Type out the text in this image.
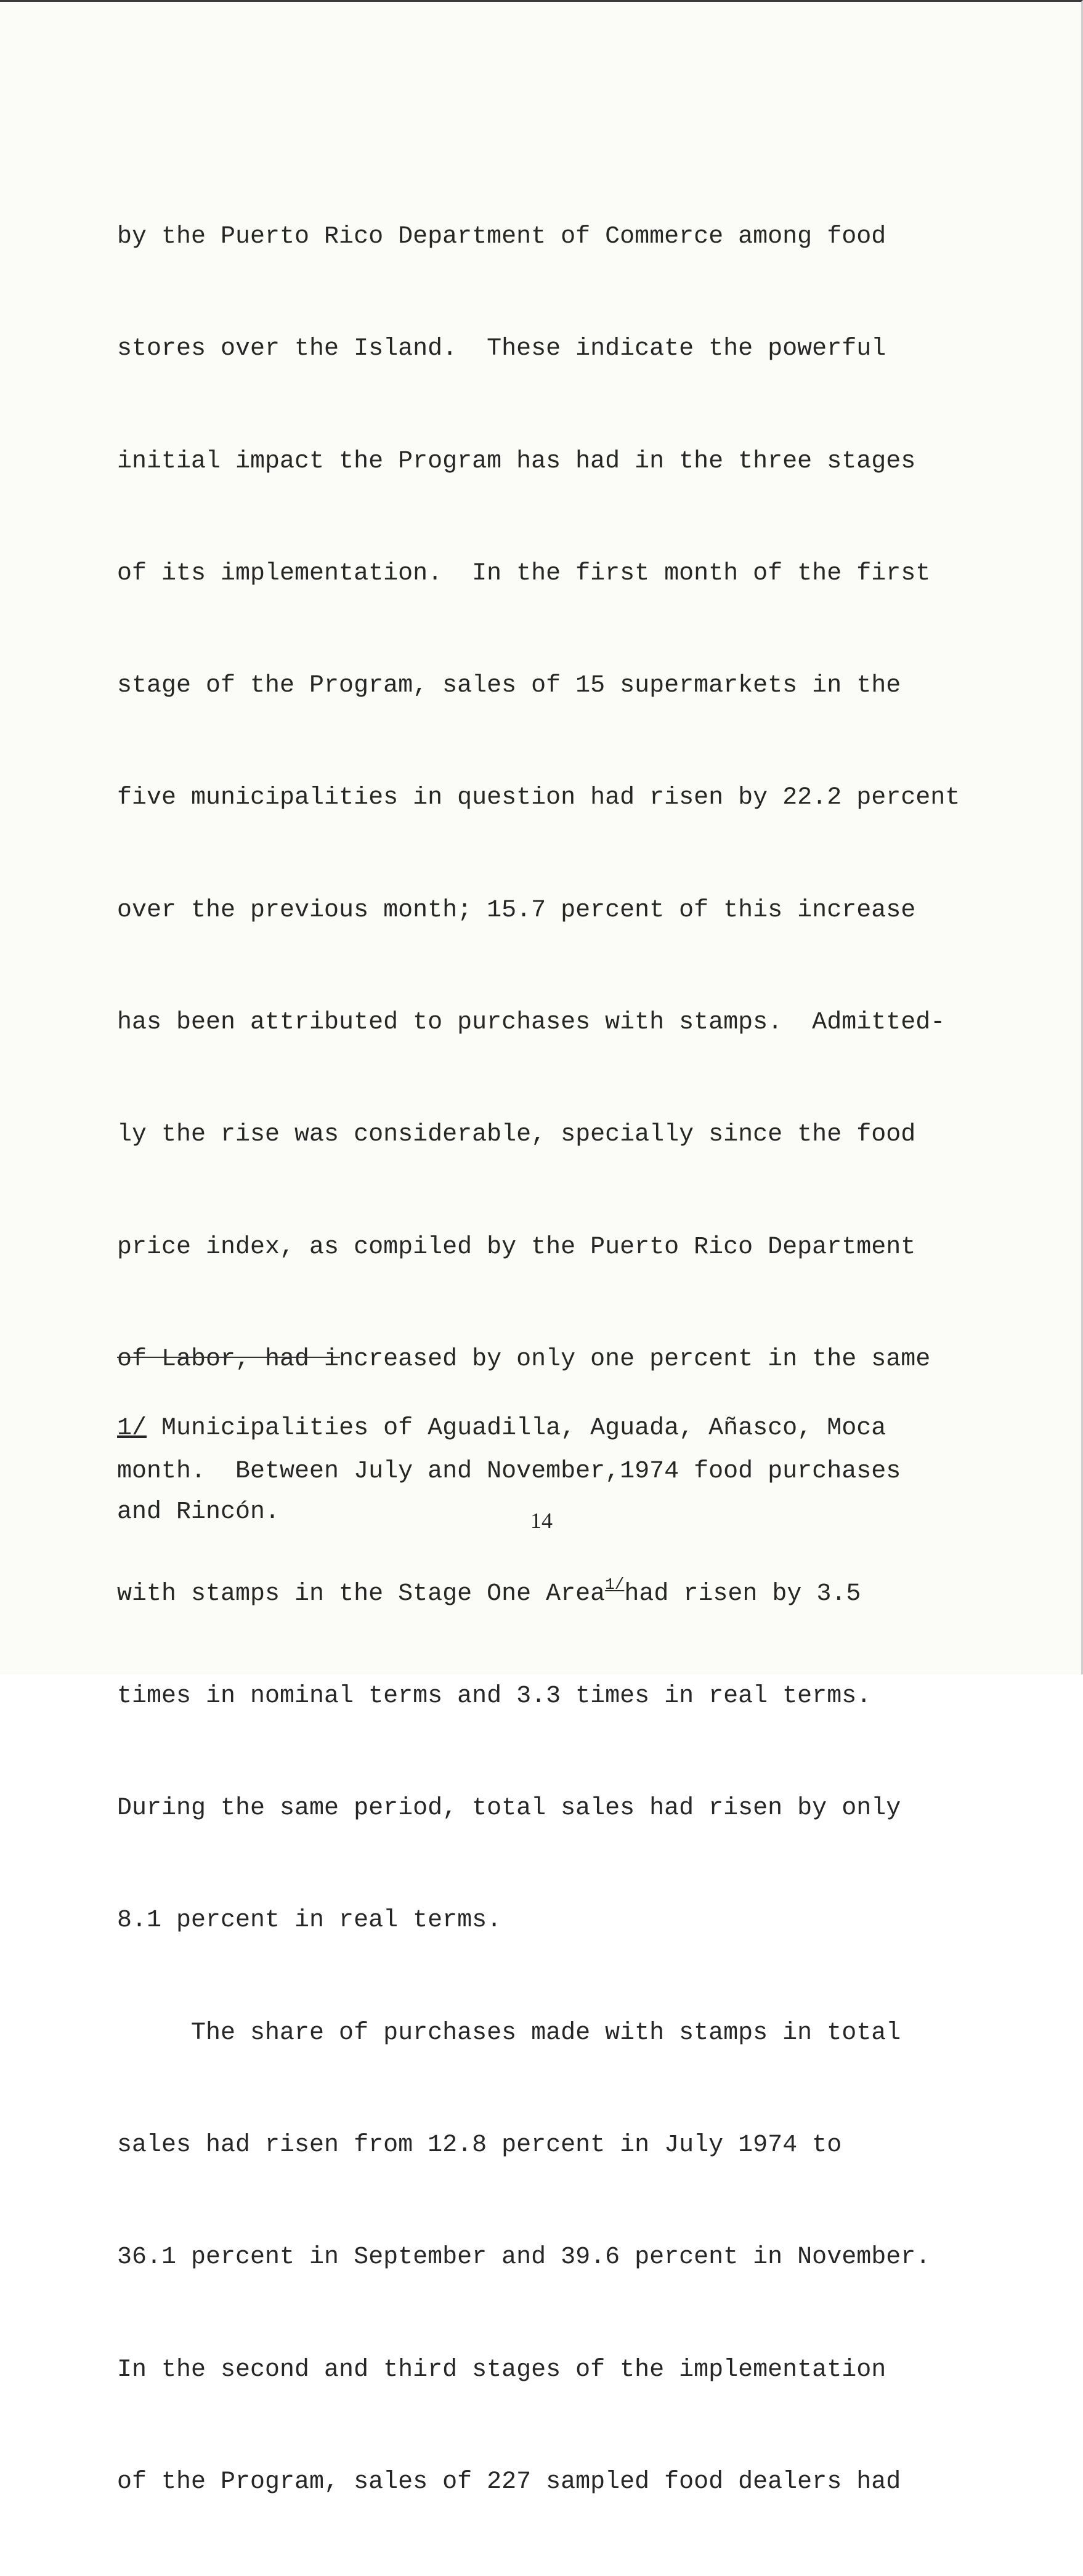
by the Puerto Rico Department of Commerce among food

stores over the Island.  These indicate the powerful

initial impact the Program has had in the three stages

of its implementation.  In the first month of the first

stage of the Program, sales of 15 supermarkets in the

five municipalities in question had risen by 22.2 percent

over the previous month; 15.7 percent of this increase

has been attributed to purchases with stamps.  Admitted-

ly the rise was considerable, specially since the food

price index, as compiled by the Puerto Rico Department

of Labor, had increased by only one percent in the same

month.  Between July and November,1974 food purchases

with stamps in the Stage One Area$^{1/}$had risen by 3.5

times in nominal terms and 3.3 times in real terms.

During the same period, total sales had risen by only

8.1 percent in real terms.

The share of purchases made with stamps in total

sales had risen from 12.8 percent in July 1974 to

36.1 percent in September and 39.6 percent in November.

In the second and third stages of the implementation

of the Program, sales of 227 sampled food dealers had

1/ Municipalities of Aguadilla, Aguada, Añasco, Moca

and Rincón.

	14
